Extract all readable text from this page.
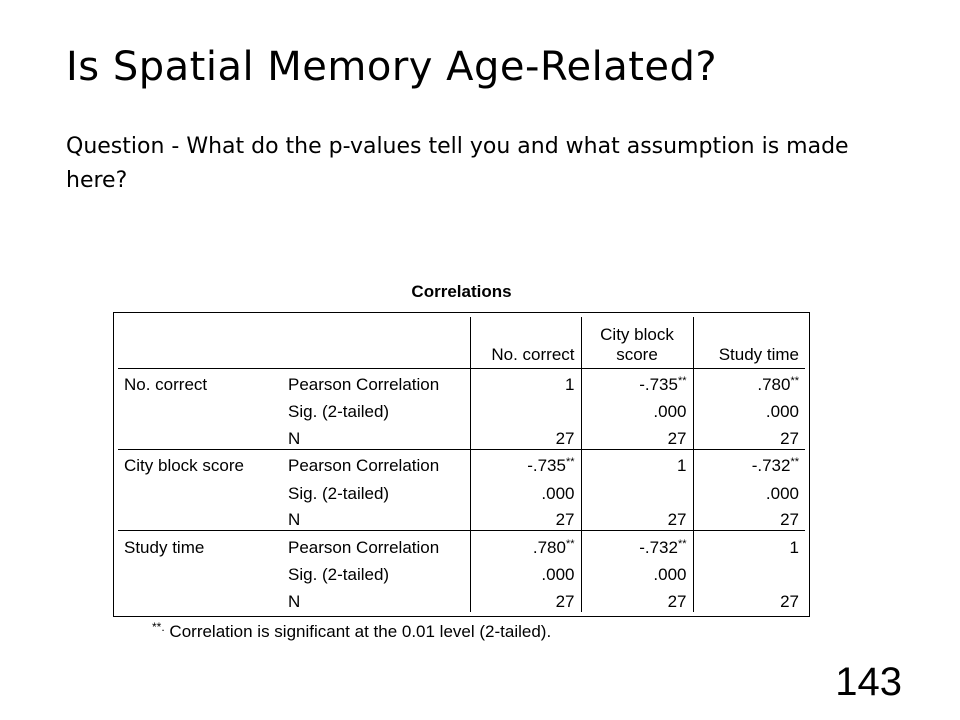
Is Spatial Memory Age-Related?
Question - What do the p-values tell you and what assumption is made here?
Correlations
		No. correct	City block score	Study time
No. correct	Pearson Correlation	1	-.735**	.780**
	Sig. (2-tailed)		.000	.000
	N	27	27	27
City block score	Pearson Correlation	-.735**	1	-.732**
	Sig. (2-tailed)	.000		.000
	N	27	27	27
Study time	Pearson Correlation	.780**	-.732**	1
	Sig. (2-tailed)	.000	.000	
	N	27	27	27
**. Correlation is significant at the 0.01 level (2-tailed).
143
